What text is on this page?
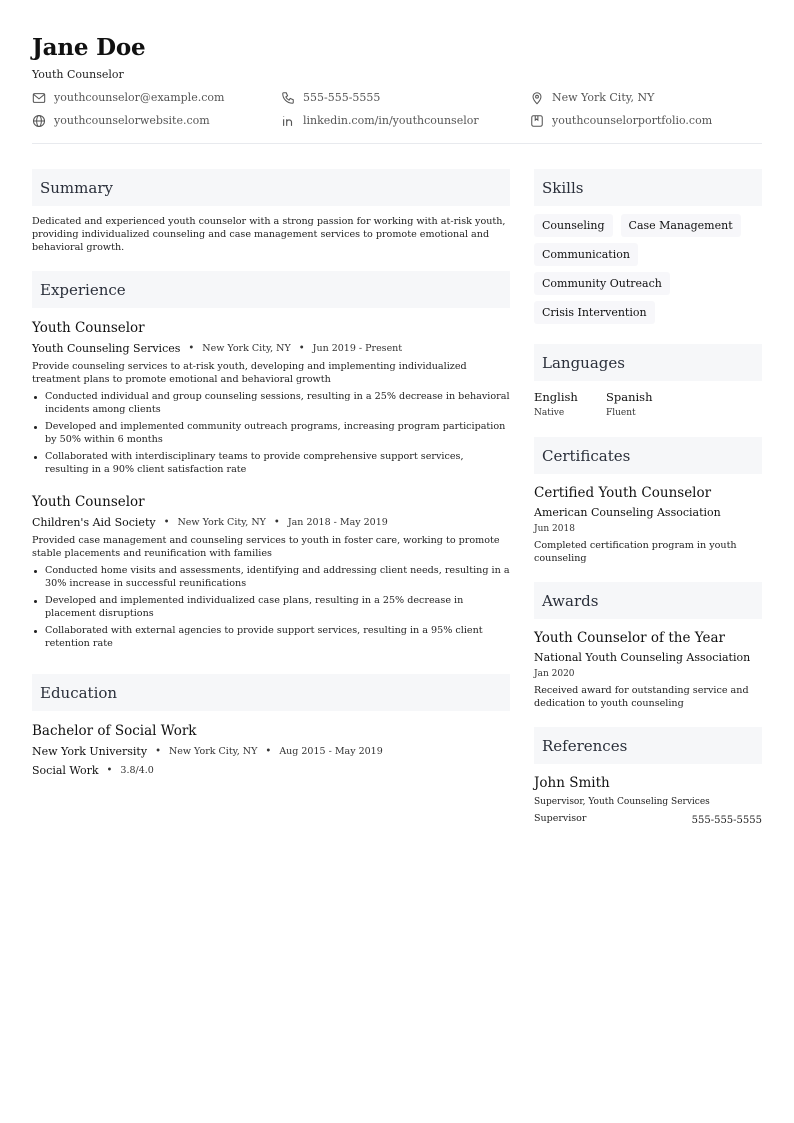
Jane Doe
Youth Counselor
youthcounselor@example.com	555-555-5555	New York City, NY
youthcounselorwebsite.com	linkedin.com/in/youthcounselor	youthcounselorportfolio.com
Summary
Dedicated and experienced youth counselor with a strong passion for working with at-risk youth, providing individualized counseling and case management services to promote emotional and behavioral growth.
Experience
Youth Counselor
Youth Counseling Services • New York City, NY • Jun 2019 - Present
Provide counseling services to at-risk youth, developing and implementing individualized treatment plans to promote emotional and behavioral growth
Conducted individual and group counseling sessions, resulting in a 25% decrease in behavioral incidents among clients
Developed and implemented community outreach programs, increasing program participation by 50% within 6 months
Collaborated with interdisciplinary teams to provide comprehensive support services, resulting in a 90% client satisfaction rate
Youth Counselor
Children's Aid Society • New York City, NY • Jan 2018 - May 2019
Provided case management and counseling services to youth in foster care, working to promote stable placements and reunification with families
Conducted home visits and assessments, identifying and addressing client needs, resulting in a 30% increase in successful reunifications
Developed and implemented individualized case plans, resulting in a 25% decrease in placement disruptions
Collaborated with external agencies to provide support services, resulting in a 95% client retention rate
Education
Bachelor of Social Work
New York University • New York City, NY • Aug 2015 - May 2019
Social Work • 3.8/4.0
Skills
Counseling	Case Management
Communication
Community Outreach
Crisis Intervention
Languages
English
Native
Spanish
Fluent
Certificates
Certified Youth Counselor
American Counseling Association
Jun 2018
Completed certification program in youth counseling
Awards
Youth Counselor of the Year
National Youth Counseling Association
Jan 2020
Received award for outstanding service and dedication to youth counseling
References
John Smith
Supervisor, Youth Counseling Services
Supervisor	555-555-5555
